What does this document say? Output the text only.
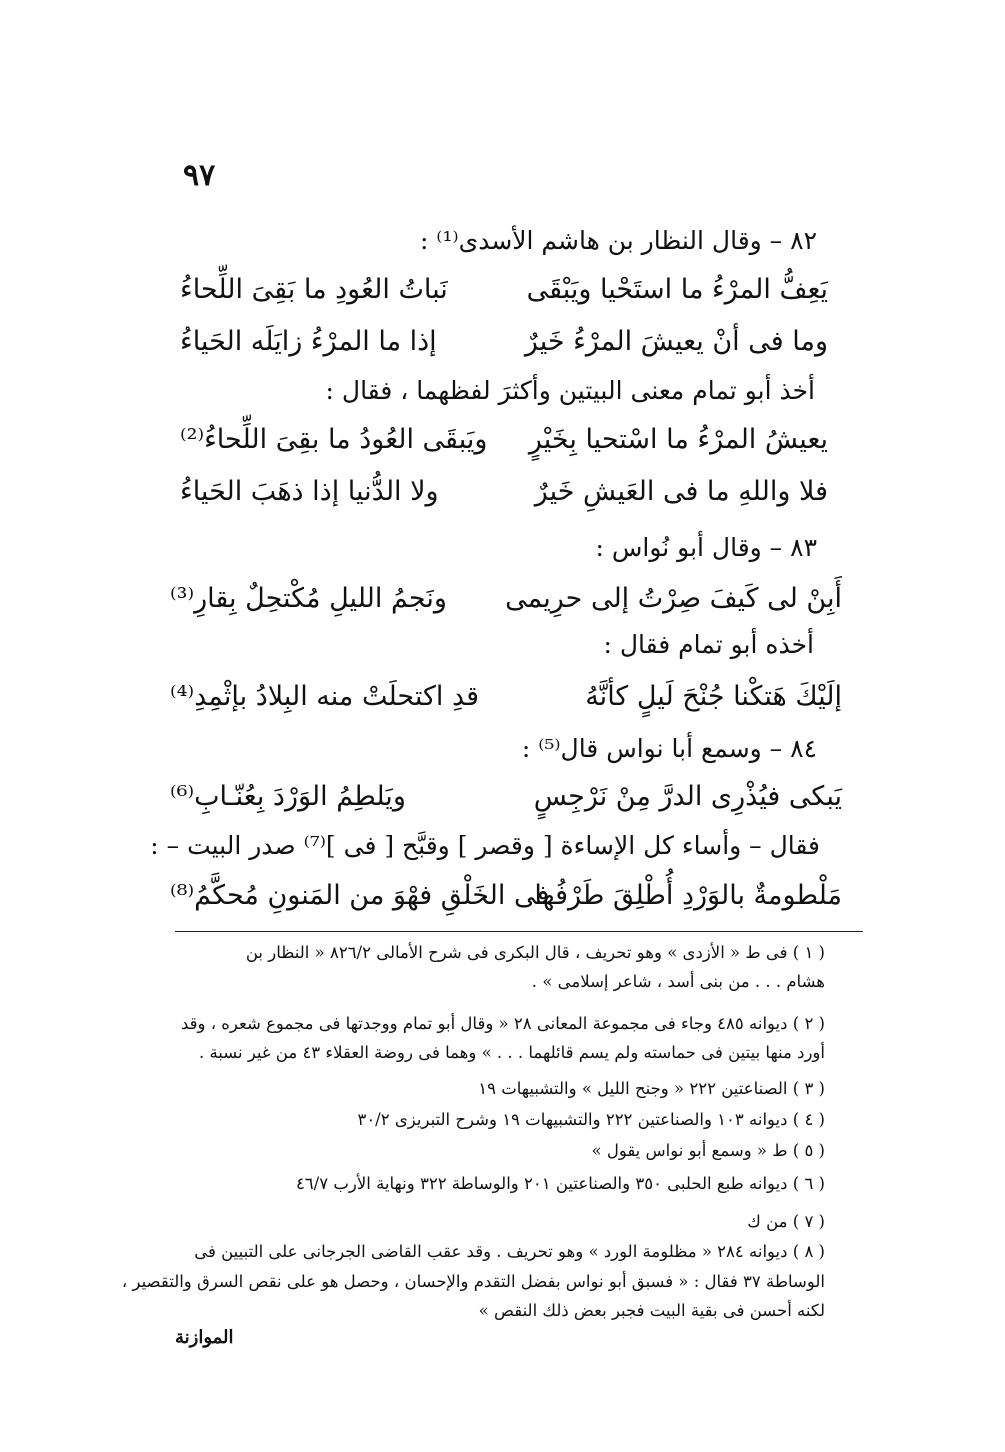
٩٧
٨٢ – وقال النظار بن هاشم الأسدى⁽¹⁾ :
يَعِفُّ المرْءُ ما استَحْيا ويَبْقَى
نَباتُ العُودِ ما بَقِىَ اللِّحاءُ
وما فى أنْ يعيشَ المرْءُ خَيرٌ
إذا ما المرْءُ زايَلَه الحَياءُ
أخذ أبو تمام معنى البيتين وأكثرَ لفظهما ، فقال :
يعيشُ المرْءُ ما اسْتحيا بِخَيْرٍ
ويَبقَى العُودُ ما بقِىَ اللِّحاءُ⁽²⁾
فلا واللهِ ما فى العَيشِ خَيرٌ
ولا الدُّنيا إذا ذهَبَ الحَياءُ
٨٣ – وقال أبو نُواس :
أَبِنْ لى كَيفَ صِرْتُ إلى حرِيمى
ونَجمُ الليلِ مُكْتحِلٌ بِقارِ⁽³⁾
أخذه أبو تمام فقال :
إلَيْكَ هَتكْنا جُنْحَ لَيلٍ كأنَّهُ
قدِ اكتحلَتْ منه البِلادُ بإثْمِدِ⁽⁴⁾
٨٤ – وسمع أبا نواس قال⁽⁵⁾ :
يَبكى فيُذْرِى الدرَّ مِنْ نَرْجِسٍ
ويَلطِمُ الوَرْدَ بِعُنّـابِ⁽⁶⁾
فقال – وأساء كل الإساءة [ وقصر ] وقبَّح [ فى ]⁽⁷⁾ صدر البيت – :
مَلْطومةٌ بالوَرْدِ أُطْلِقَ طَرْفُها
فى الخَلْقِ فهْوَ من المَنونِ مُحكَّمُ⁽⁸⁾
( ١ ) فى ط « الأزدى » وهو تحريف ، قال البكرى فى شرح الأمالى ٨٢٦/٢ « النظار بن
هشام . . . من بنى أسد ، شاعر إسلامى » .
( ٢ ) ديوانه ٤٨٥ وجاء فى مجموعة المعانى ٢٨ « وقال أبو تمام ووجدتها فى مجموع شعره ، وقد
أورد منها بيتين فى حماسته ولم يسم قائلهما . . . » وهما فى روضة العقلاء ٤٣ من غير نسبة .
( ٣ ) الصناعتين ٢٢٢ « وجنح الليل » والتشبيهات ١٩
( ٤ ) ديوانه ١٠٣ والصناعتين ٢٢٢ والتشبيهات ١٩ وشرح التبريزى ٣٠/٢
( ٥ ) ط « وسمع أبو نواس يقول »
( ٦ ) ديوانه طبع الحلبى ٣٥٠ والصناعتين ٢٠١ والوساطة ٣٢٢ ونهاية الأرب ٤٦/٧
( ٧ ) من ك
( ٨ ) ديوانه ٢٨٤ « مظلومة الورد » وهو تحريف . وقد عقب القاضى الجرجانى على التبيين فى
الوساطة ٣٧ فقال : « فسبق أبو نواس بفضل التقدم والإحسان ، وحصل هو على نقص السرق والتقصير ،
لكنه أحسن فى بقية البيت فجبر بعض ذلك النقص »
الموازنة
